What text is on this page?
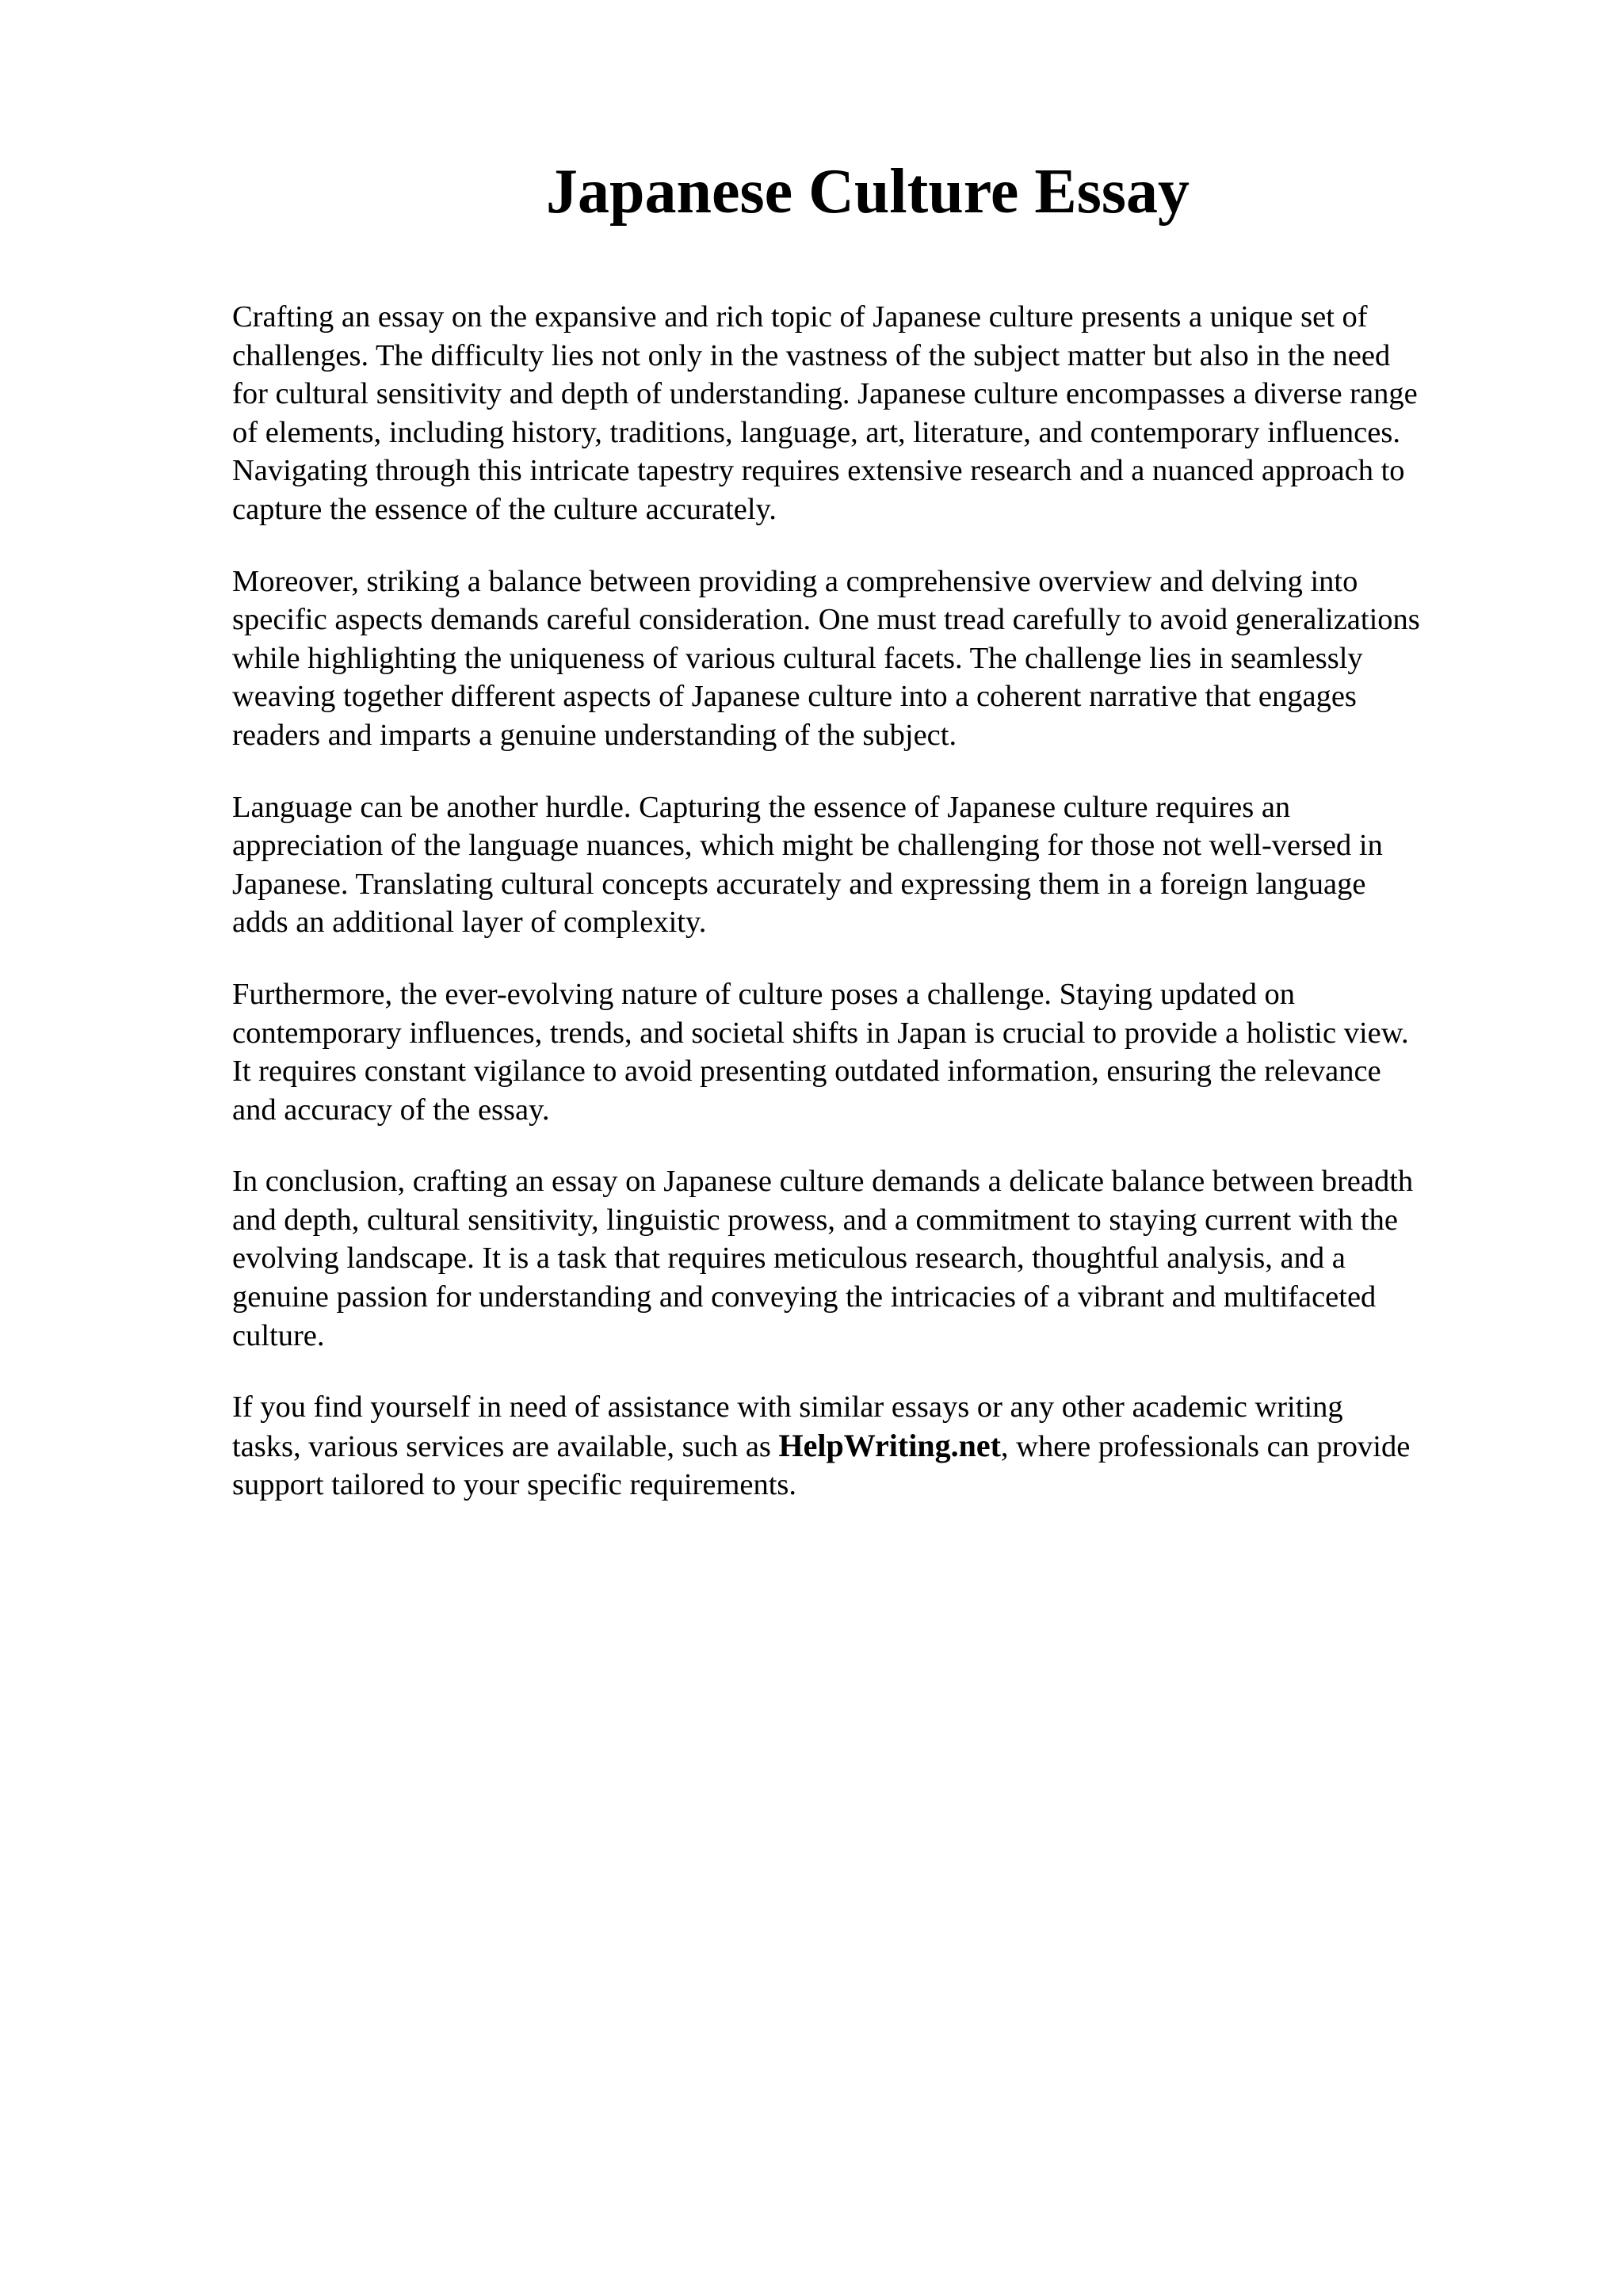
Japanese Culture Essay

Crafting an essay on the expansive and rich topic of Japanese culture presents a unique set of
challenges. The difficulty lies not only in the vastness of the subject matter but also in the need
for cultural sensitivity and depth of understanding. Japanese culture encompasses a diverse range
of elements, including history, traditions, language, art, literature, and contemporary influences.
Navigating through this intricate tapestry requires extensive research and a nuanced approach to
capture the essence of the culture accurately.

Moreover, striking a balance between providing a comprehensive overview and delving into
specific aspects demands careful consideration. One must tread carefully to avoid generalizations
while highlighting the uniqueness of various cultural facets. The challenge lies in seamlessly
weaving together different aspects of Japanese culture into a coherent narrative that engages
readers and imparts a genuine understanding of the subject.

Language can be another hurdle. Capturing the essence of Japanese culture requires an
appreciation of the language nuances, which might be challenging for those not well-versed in
Japanese. Translating cultural concepts accurately and expressing them in a foreign language
adds an additional layer of complexity.

Furthermore, the ever-evolving nature of culture poses a challenge. Staying updated on
contemporary influences, trends, and societal shifts in Japan is crucial to provide a holistic view.
It requires constant vigilance to avoid presenting outdated information, ensuring the relevance
and accuracy of the essay.

In conclusion, crafting an essay on Japanese culture demands a delicate balance between breadth
and depth, cultural sensitivity, linguistic prowess, and a commitment to staying current with the
evolving landscape. It is a task that requires meticulous research, thoughtful analysis, and a
genuine passion for understanding and conveying the intricacies of a vibrant and multifaceted
culture.

If you find yourself in need of assistance with similar essays or any other academic writing
tasks, various services are available, such as HelpWriting.net, where professionals can provide
support tailored to your specific requirements.
